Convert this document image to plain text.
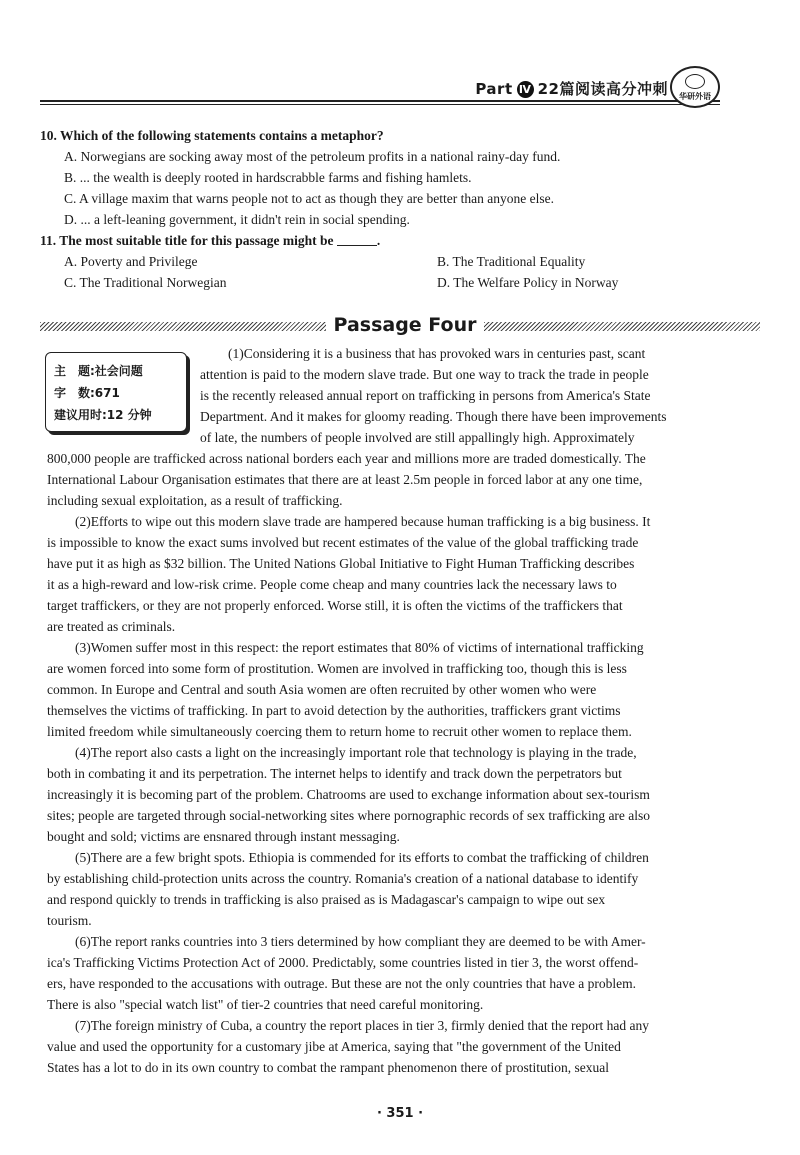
Part Ⅳ 22篇阅读高分冲刺	华研外语
10. Which of the following statements contains a metaphor?
A. Norwegians are socking away most of the petroleum profits in a national rainy-day fund.
B. ... the wealth is deeply rooted in hardscrabble farms and fishing hamlets.
C. A village maxim that warns people not to act as though they are better than anyone else.
D. ... a left-leaning government, it didn't rein in social spending.
11. The most suitable title for this passage might be	.
A. Poverty and Privilege	B. The Traditional Equality
C. The Traditional Norwegian	D. The Welfare Policy in Norway
Passage Four
主　题:社会问题
字　数:671
建议用时:12 分钟
(1)Considering it is a business that has provoked wars in centuries past, scant
attention is paid to the modern slave trade. But one way to track the trade in people
is the recently released annual report on trafficking in persons from America's State
Department. And it makes for gloomy reading. Though there have been improvements
of late, the numbers of people involved are still appallingly high. Approximately
800,000 people are trafficked across national borders each year and millions more are traded domestically. The
International Labour Organisation estimates that there are at least 2.5m people in forced labor at any one time,
including sexual exploitation, as a result of trafficking.
(2)Efforts to wipe out this modern slave trade are hampered because human trafficking is a big business. It
is impossible to know the exact sums involved but recent estimates of the value of the global trafficking trade
have put it as high as $32 billion. The United Nations Global Initiative to Fight Human Trafficking describes
it as a high-reward and low-risk crime. People come cheap and many countries lack the necessary laws to
target traffickers, or they are not properly enforced. Worse still, it is often the victims of the traffickers that
are treated as criminals.
(3)Women suffer most in this respect: the report estimates that 80% of victims of international trafficking
are women forced into some form of prostitution. Women are involved in trafficking too, though this is less
common. In Europe and Central and south Asia women are often recruited by other women who were
themselves the victims of trafficking. In part to avoid detection by the authorities, traffickers grant victims
limited freedom while simultaneously coercing them to return home to recruit other women to replace them.
(4)The report also casts a light on the increasingly important role that technology is playing in the trade,
both in combating it and its perpetration. The internet helps to identify and track down the perpetrators but
increasingly it is becoming part of the problem. Chatrooms are used to exchange information about sex-tourism
sites; people are targeted through social-networking sites where pornographic records of sex trafficking are also
bought and sold; victims are ensnared through instant messaging.
(5)There are a few bright spots. Ethiopia is commended for its efforts to combat the trafficking of children
by establishing child-protection units across the country. Romania's creation of a national database to identify
and respond quickly to trends in trafficking is also praised as is Madagascar's campaign to wipe out sex
tourism.
(6)The report ranks countries into 3 tiers determined by how compliant they are deemed to be with Amer-
ica's Trafficking Victims Protection Act of 2000. Predictably, some countries listed in tier 3, the worst offend-
ers, have responded to the accusations with outrage. But these are not the only countries that have a problem.
There is also "special watch list" of tier-2 countries that need careful monitoring.
(7)The foreign ministry of Cuba, a country the report places in tier 3, firmly denied that the report had any
value and used the opportunity for a customary jibe at America, saying that "the government of the United
States has a lot to do in its own country to combat the rampant phenomenon there of prostitution, sexual
· 351 ·
